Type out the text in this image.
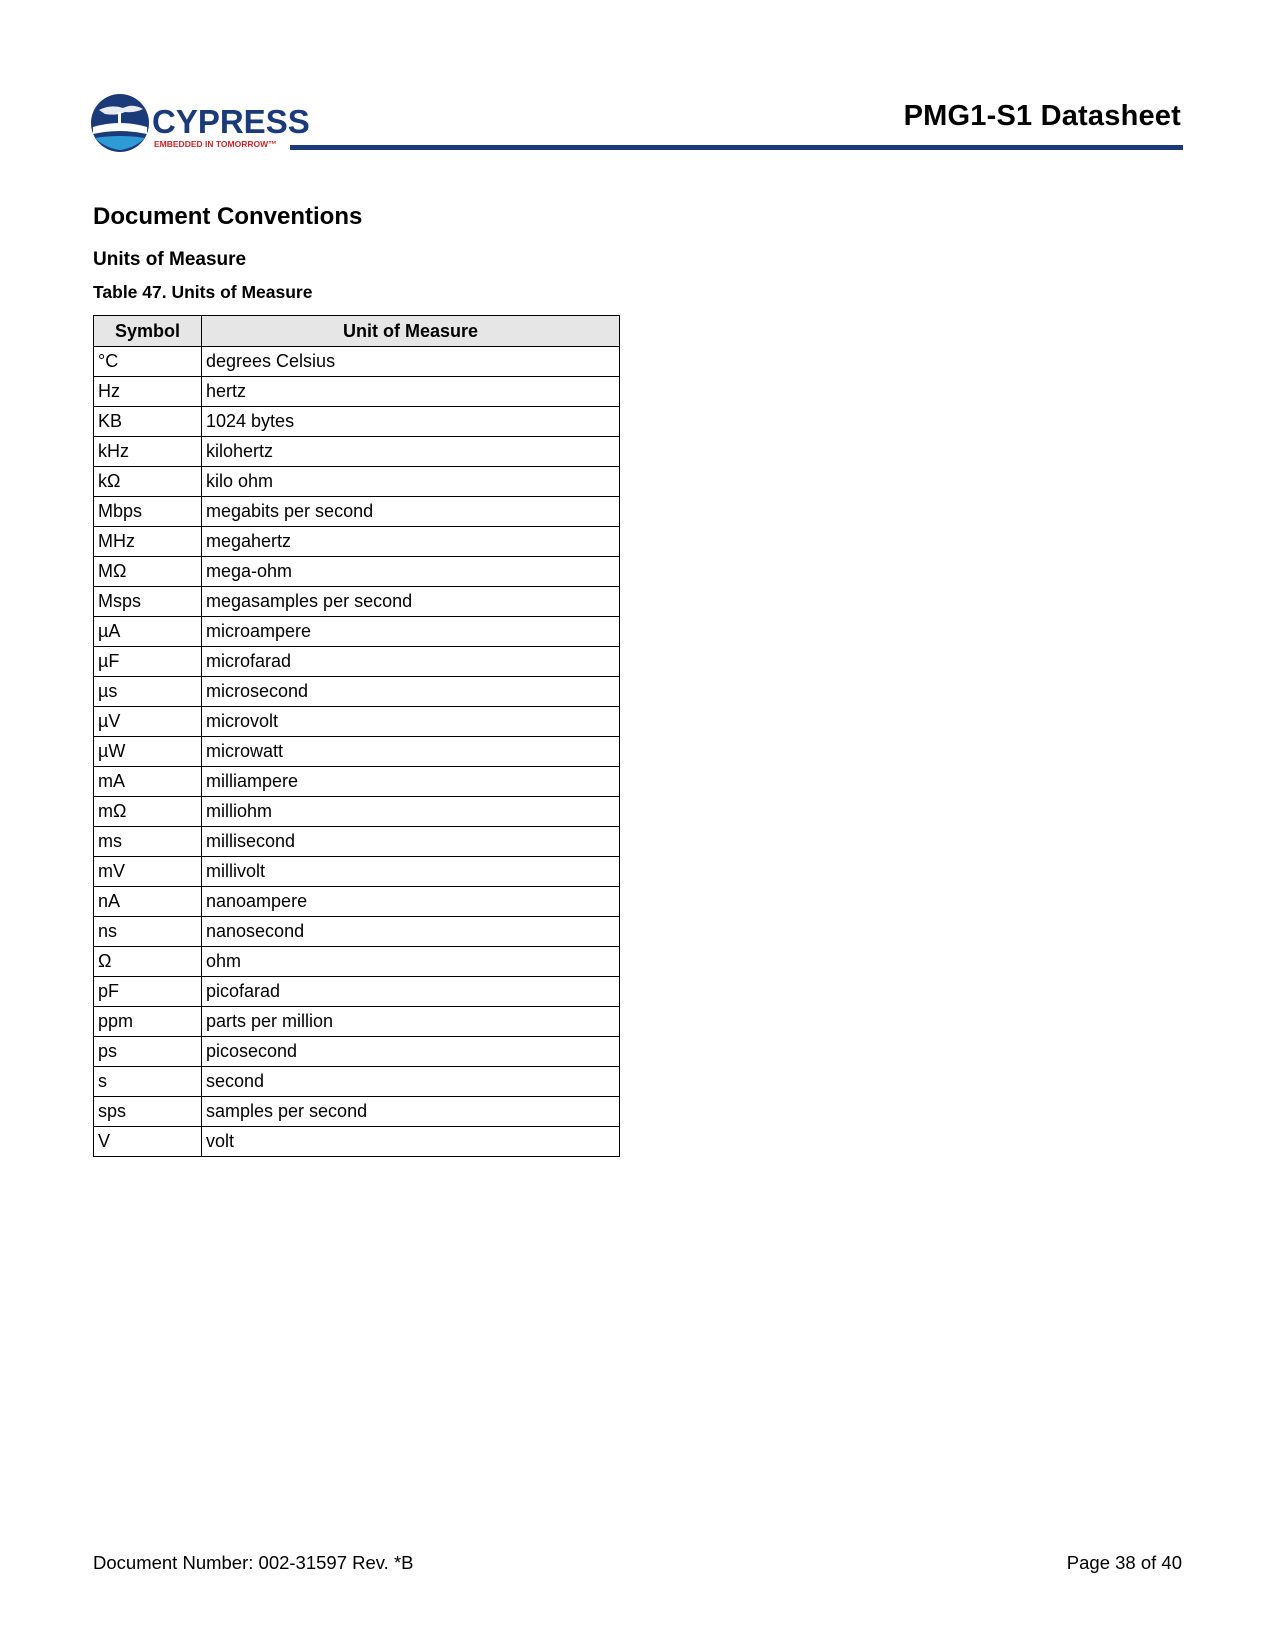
CYPRESS
EMBEDDED IN TOMORROW™
PMG1-S1 Datasheet
Document Conventions
Units of Measure
Table 47. Units of Measure
Symbol	Unit of Measure
°C	degrees Celsius
Hz	hertz
KB	1024 bytes
kHz	kilohertz
kΩ	kilo ohm
Mbps	megabits per second
MHz	megahertz
MΩ	mega-ohm
Msps	megasamples per second
µA	microampere
µF	microfarad
µs	microsecond
µV	microvolt
µW	microwatt
mA	milliampere
mΩ	milliohm
ms	millisecond
mV	millivolt
nA	nanoampere
ns	nanosecond
Ω	ohm
pF	picofarad
ppm	parts per million
ps	picosecond
s	second
sps	samples per second
V	volt
Document Number: 002-31597 Rev. *B	Page 38 of 40
